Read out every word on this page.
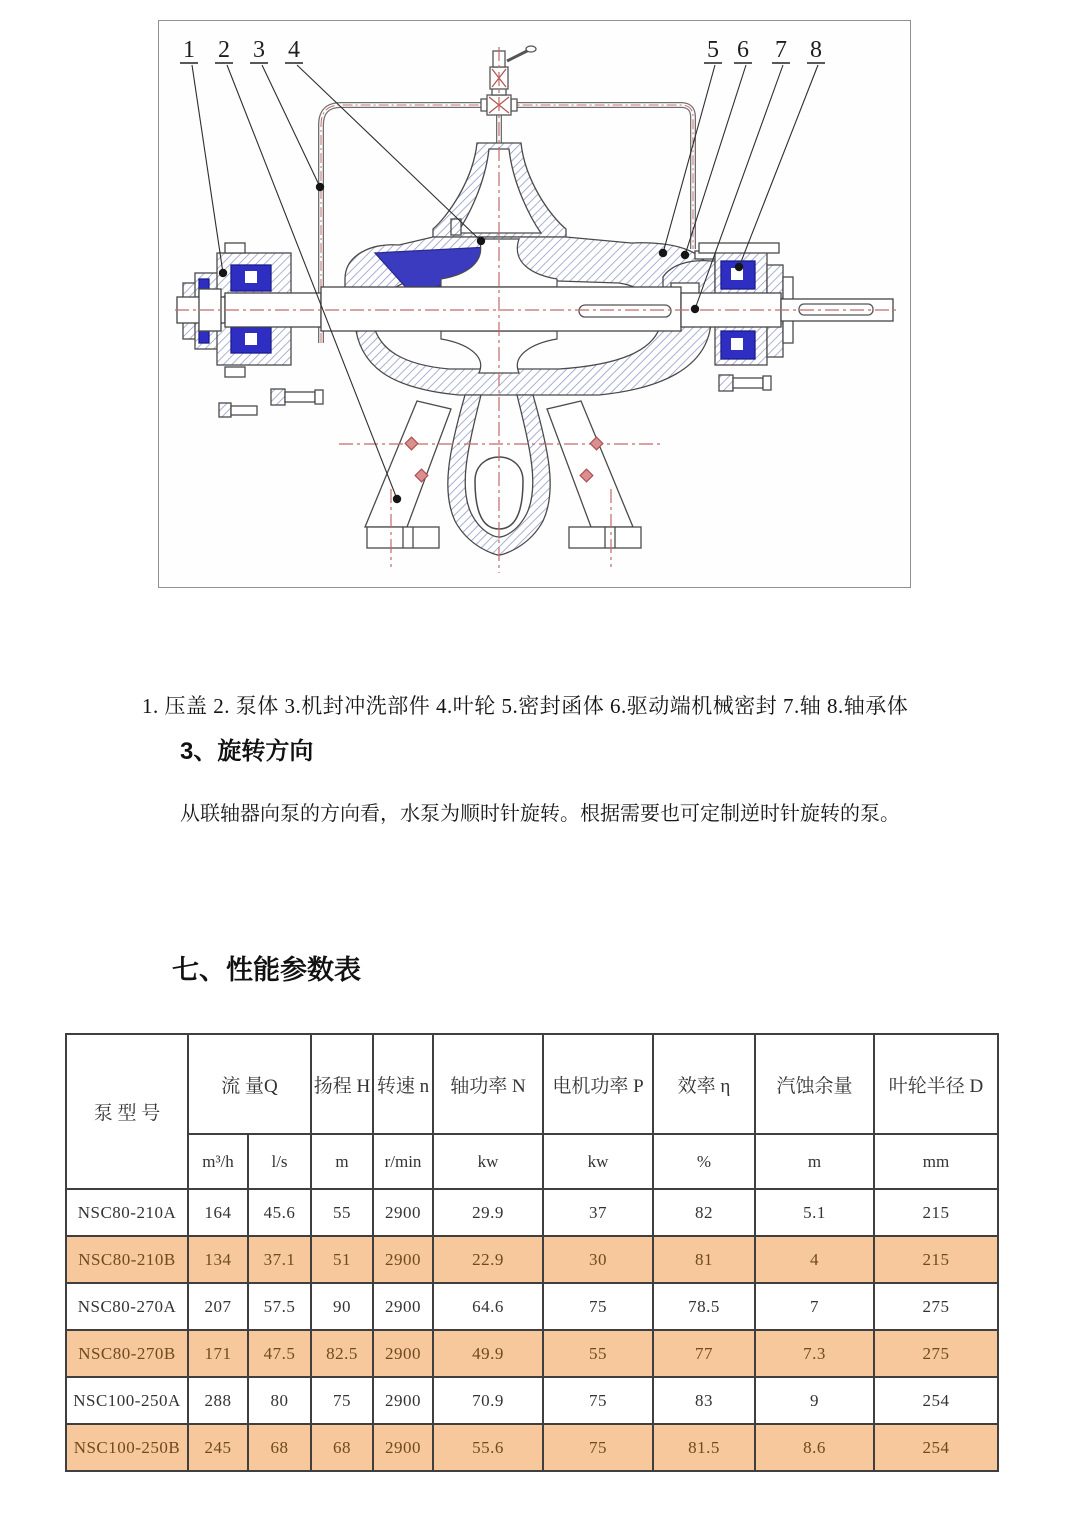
1 2 3 4	5 6 7 8
1. 压盖 2. 泵体 3.机封冲洗部件 4.叶轮 5.密封函体 6.驱动端机械密封 7.轴 8.轴承体
3、旋转方向
从联轴器向泵的方向看，水泵为顺时针旋转。根据需要也可定制逆时针旋转的泵。
七、性能参数表
泵 型 号	流 量Q		扬程 H	转速 n	轴功率 N	电机功率 P	效率 η	汽蚀余量	叶轮半径 D
	m³/h	l/s	m	r/min	kw	kw	%	m	mm
NSC80-210A	164	45.6	55	2900	29.9	37	82	5.1	215
NSC80-210B	134	37.1	51	2900	22.9	30	81	4	215
NSC80-270A	207	57.5	90	2900	64.6	75	78.5	7	275
NSC80-270B	171	47.5	82.5	2900	49.9	55	77	7.3	275
NSC100-250A	288	80	75	2900	70.9	75	83	9	254
NSC100-250B	245	68	68	2900	55.6	75	81.5	8.6	254
